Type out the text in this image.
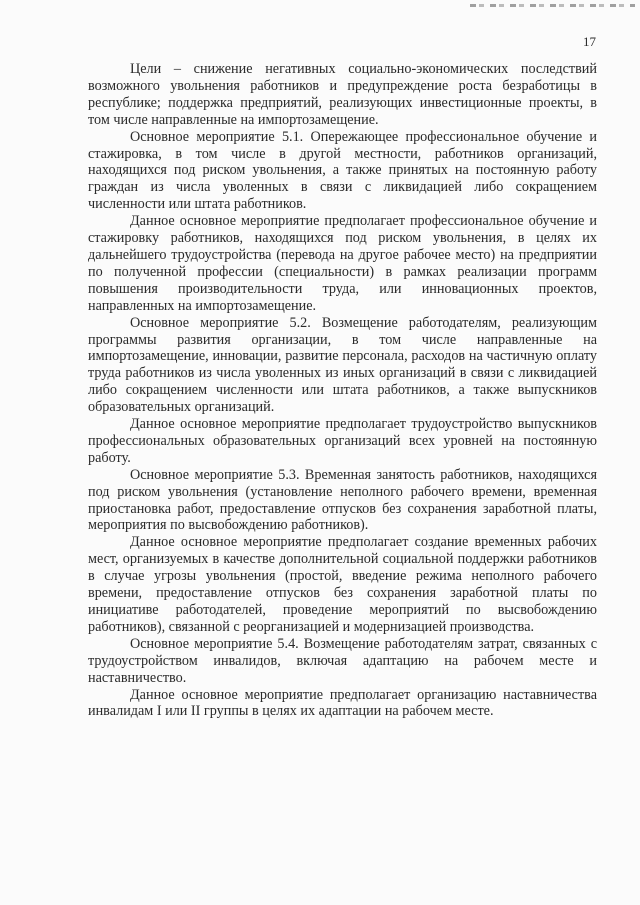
17

Цели – снижение негативных социально-экономических последствий возможного увольнения работников и предупреждение роста безработицы в республике; поддержка предприятий, реализующих инвестиционные проекты, в том числе направленные на импортозамещение.

Основное мероприятие 5.1. Опережающее профессиональное обучение и стажировка, в том числе в другой местности, работников организаций, находящихся под риском увольнения, а также принятых на постоянную работу граждан из числа уволенных в связи с ликвидацией либо сокращением численности или штата работников.

Данное основное мероприятие предполагает профессиональное обучение и стажировку работников, находящихся под риском увольнения, в целях их дальнейшего трудоустройства (перевода на другое рабочее место) на предприятии по полученной профессии (специальности) в рамках реализации программ повышения производительности труда, или инновационных проектов, направленных на импортозамещение.

Основное мероприятие 5.2. Возмещение работодателям, реализующим программы развития организации, в том числе направленные на импортозамещение, инновации, развитие персонала, расходов на частичную оплату труда работников из числа уволенных из иных организаций в связи с ликвидацией либо сокращением численности или штата работников, а также выпускников образовательных организаций.

Данное основное мероприятие предполагает трудоустройство выпускников профессиональных образовательных организаций всех уровней на постоянную работу.

Основное мероприятие 5.3. Временная занятость работников, находящихся под риском увольнения (установление неполного рабочего времени, временная приостановка работ, предоставление отпусков без сохранения заработной платы, мероприятия по высвобождению работников).

Данное основное мероприятие предполагает создание временных рабочих мест, организуемых в качестве дополнительной социальной поддержки работников в случае угрозы увольнения (простой, введение режима неполного рабочего времени, предоставление отпусков без сохранения заработной платы по инициативе работодателей, проведение мероприятий по высвобождению работников), связанной с реорганизацией и модернизацией производства.

Основное мероприятие 5.4. Возмещение работодателям затрат, связанных с трудоустройством инвалидов, включая адаптацию на рабочем месте и наставничество.

Данное основное мероприятие предполагает организацию наставничества инвалидам I или II группы в целях их адаптации на рабочем месте.
